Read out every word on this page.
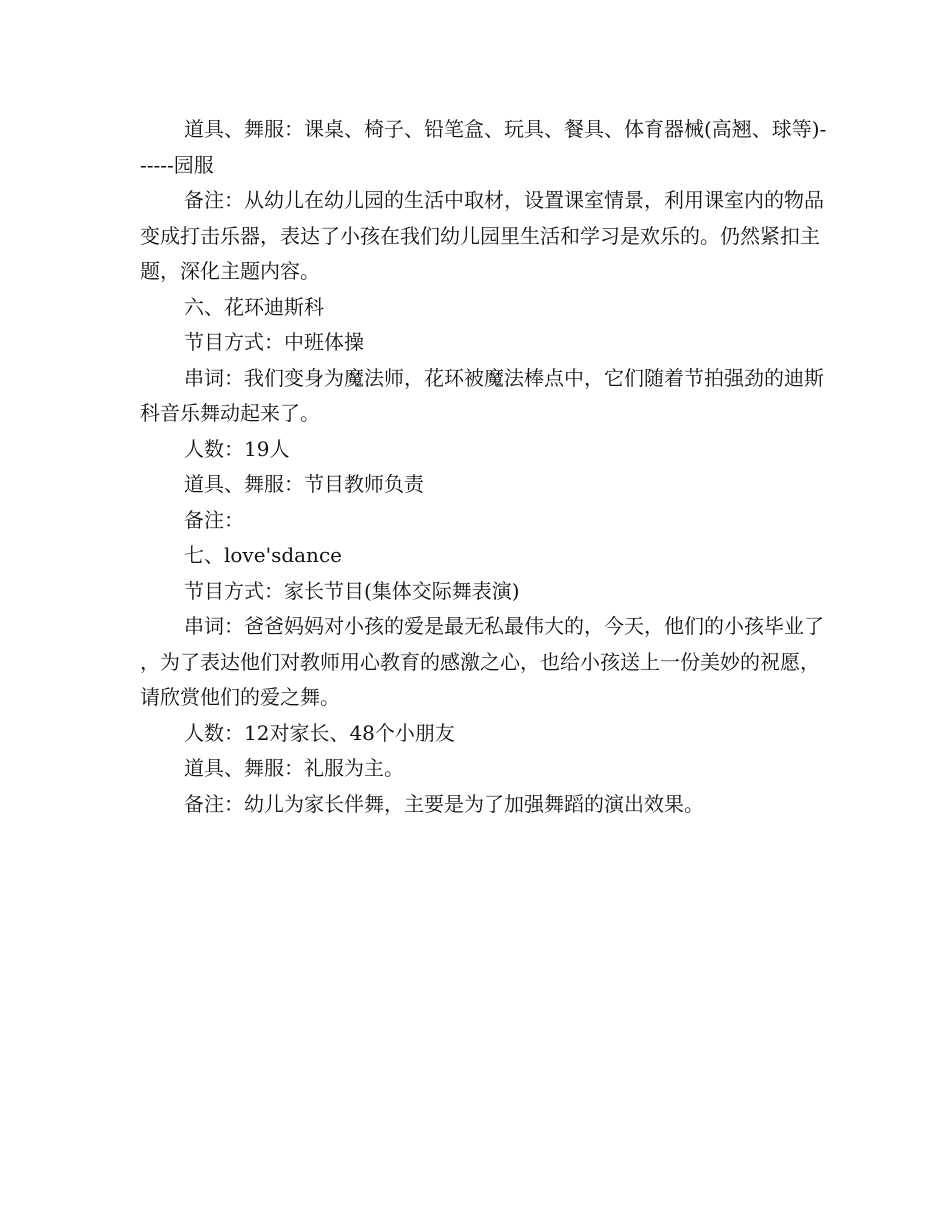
道具、舞服：课桌、椅子、铅笔盒、玩具、餐具、体育器械(高翘、球等)------园服

备注：从幼儿在幼儿园的生活中取材，设置课室情景，利用课室内的物品变成打击乐器，表达了小孩在我们幼儿园里生活和学习是欢乐的。仍然紧扣主题，深化主题内容。

六、花环迪斯科

节目方式：中班体操

串词：我们变身为魔法师，花环被魔法棒点中，它们随着节拍强劲的迪斯科音乐舞动起来了。

人数：19人

道具、舞服：节目教师负责

备注：

七、love'sdance

节目方式：家长节目(集体交际舞表演)

串词：爸爸妈妈对小孩的爱是最无私最伟大的，今天，他们的小孩毕业了，为了表达他们对教师用心教育的感激之心，也给小孩送上一份美妙的祝愿，请欣赏他们的爱之舞。

人数：12对家长、48个小朋友

道具、舞服：礼服为主。

备注：幼儿为家长伴舞，主要是为了加强舞蹈的演出效果。
